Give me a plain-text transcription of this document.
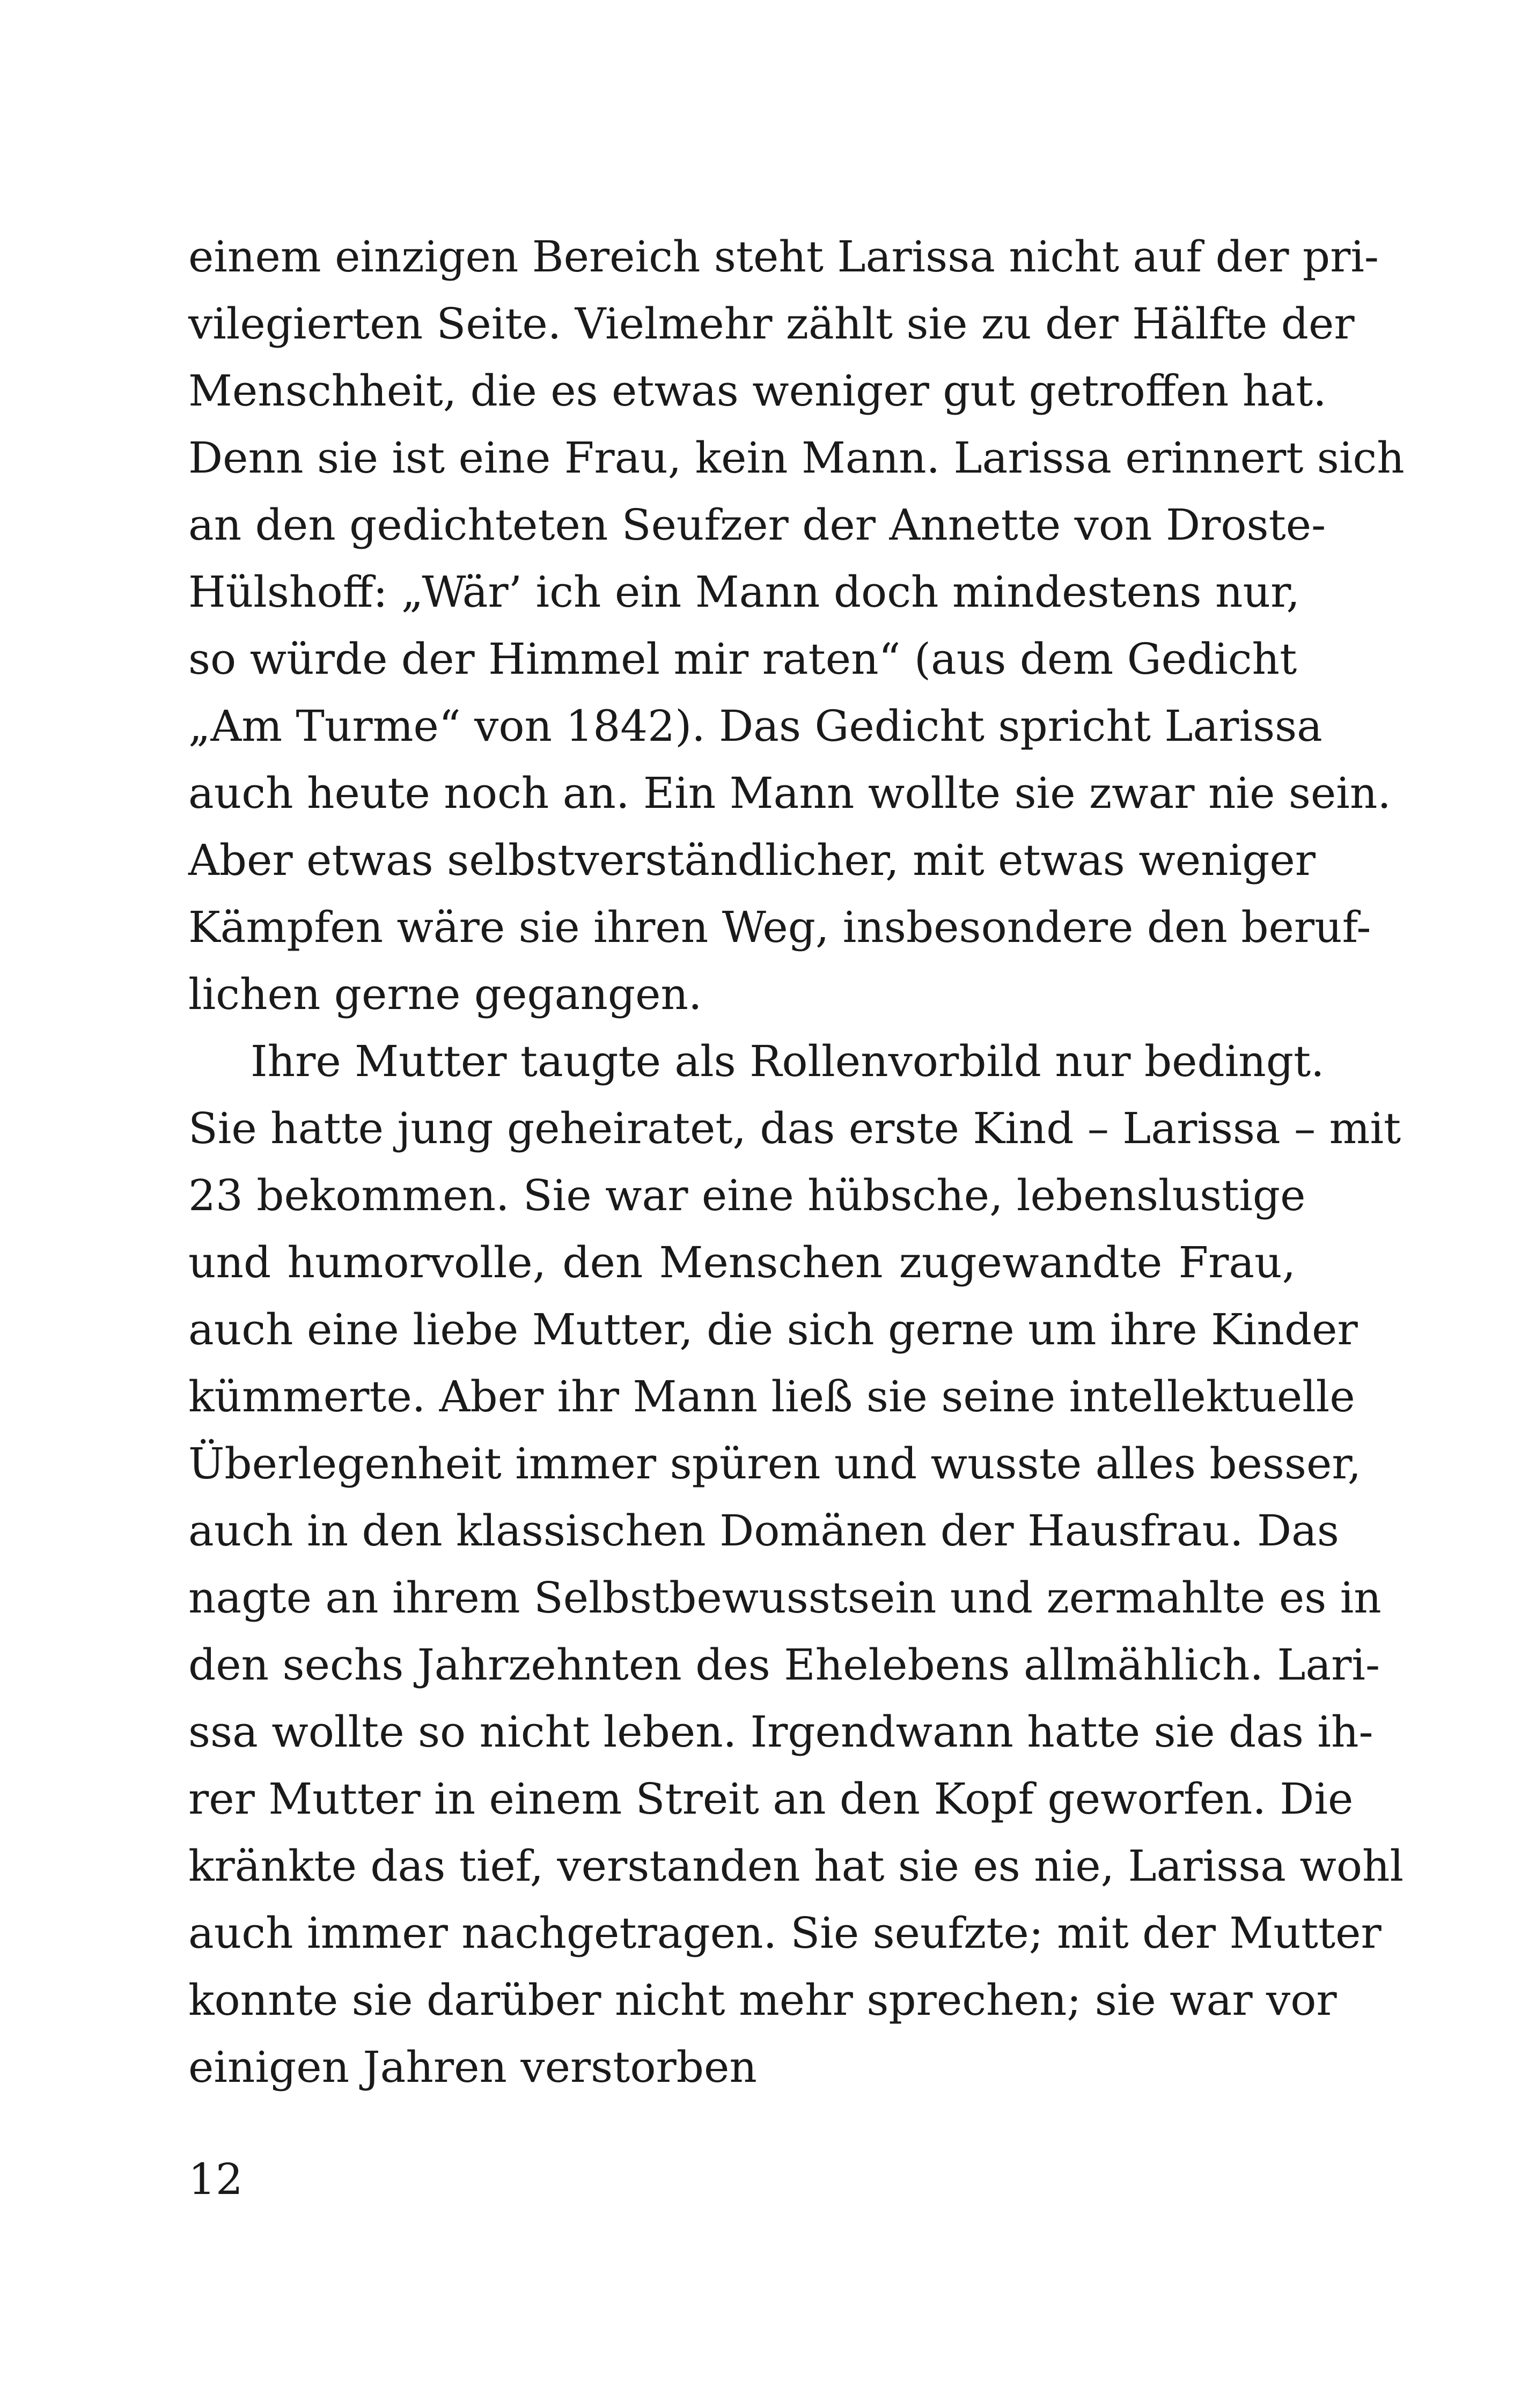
einem einzigen Bereich steht Larissa nicht auf der pri-
vilegierten Seite. Vielmehr zählt sie zu der Hälfte der
Menschheit, die es etwas weniger gut getroffen hat.
Denn sie ist eine Frau, kein Mann. Larissa erinnert sich
an den gedichteten Seufzer der Annette von Droste-
Hülshoff: „Wär’ ich ein Mann doch mindestens nur,
so würde der Himmel mir raten“ (aus dem Gedicht
„Am Turme“ von 1842). Das Gedicht spricht Larissa
auch heute noch an. Ein Mann wollte sie zwar nie sein.
Aber etwas selbstverständlicher, mit etwas weniger
Kämpfen wäre sie ihren Weg, insbesondere den beruf-
lichen gerne gegangen.
Ihre Mutter taugte als Rollenvorbild nur bedingt.
Sie hatte jung geheiratet, das erste Kind – Larissa – mit
23 bekommen. Sie war eine hübsche, lebenslustige
und humorvolle, den Menschen zugewandte Frau,
auch eine liebe Mutter, die sich gerne um ihre Kinder
kümmerte. Aber ihr Mann ließ sie seine intellektuelle
Überlegenheit immer spüren und wusste alles besser,
auch in den klassischen Domänen der Hausfrau. Das
nagte an ihrem Selbstbewusstsein und zermahlte es in
den sechs Jahrzehnten des Ehelebens allmählich. Lari-
ssa wollte so nicht leben. Irgendwann hatte sie das ih-
rer Mutter in einem Streit an den Kopf geworfen. Die
kränkte das tief, verstanden hat sie es nie, Larissa wohl
auch immer nachgetragen. Sie seufzte; mit der Mutter
konnte sie darüber nicht mehr sprechen; sie war vor
einigen Jahren verstorben
12
